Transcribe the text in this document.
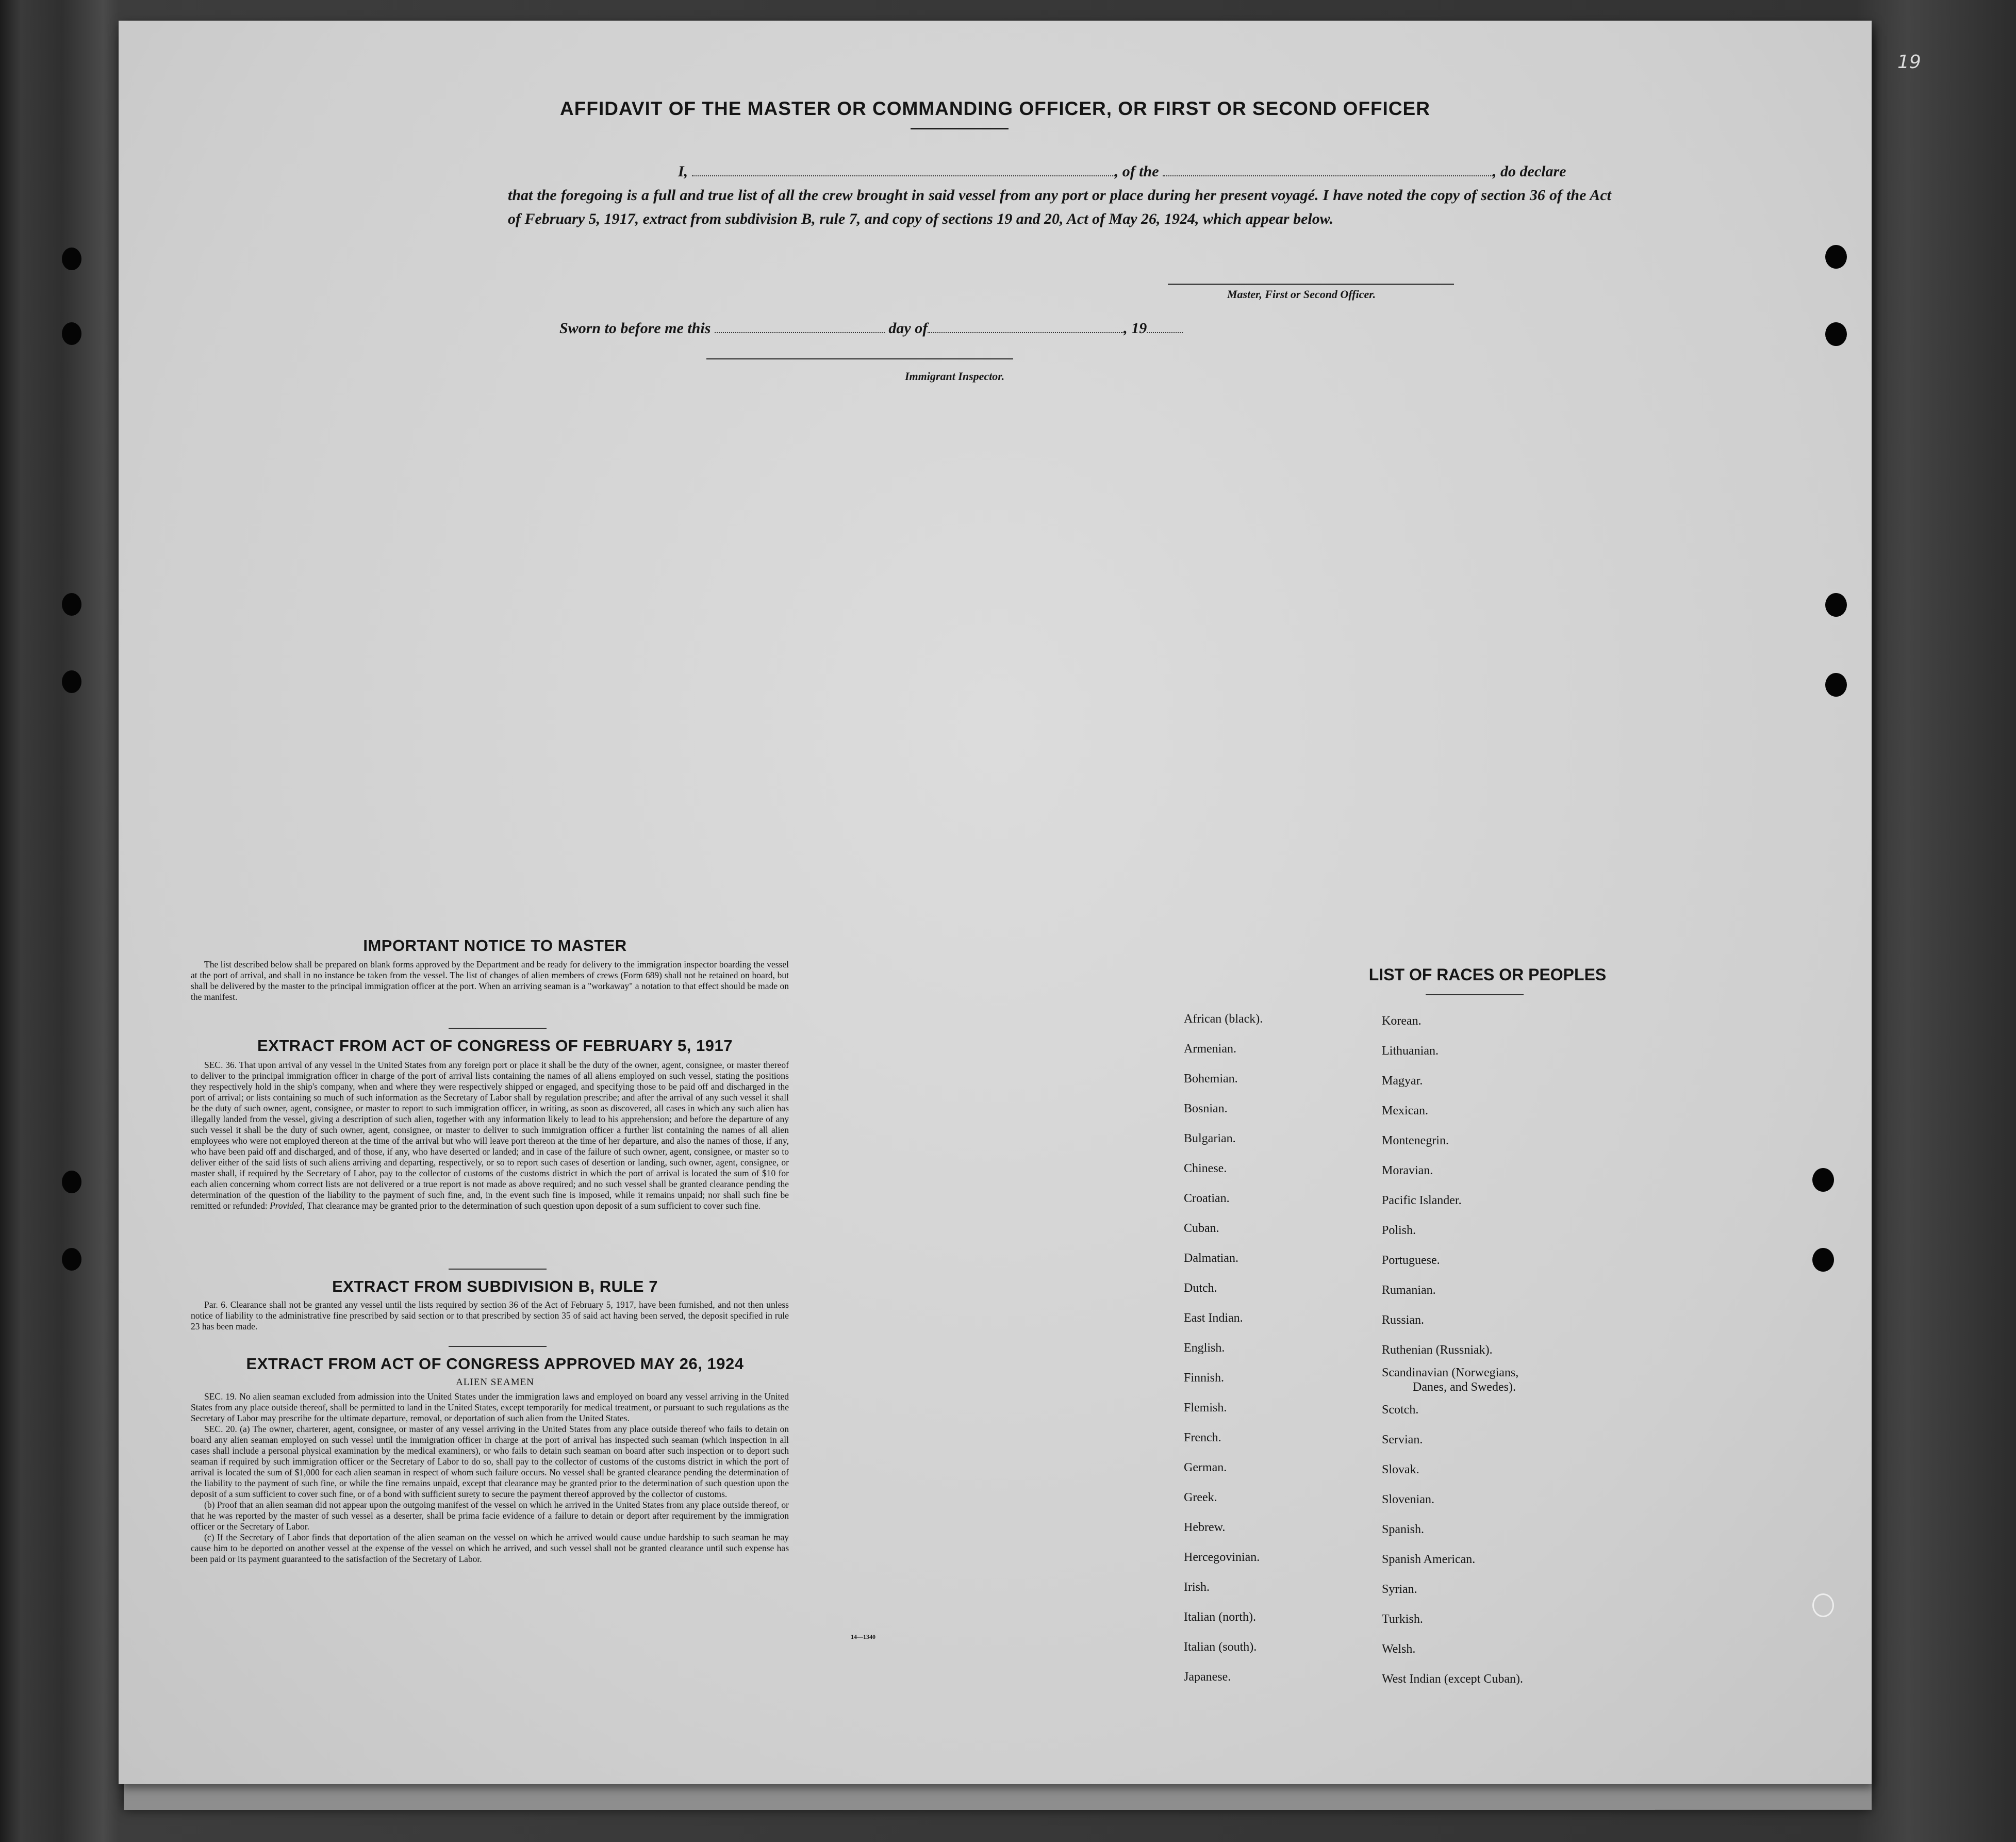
19
AFFIDAVIT OF THE MASTER OR COMMANDING OFFICER, OR FIRST OR SECOND OFFICER
I,	, of the	, do declare
that the foregoing is a full and true list of all the crew brought in said vessel from any port or place during her present voyagé. I have noted the copy of section 36 of the Act of February 5, 1917, extract from subdivision B, rule 7, and copy of sections 19 and 20, Act of May 26, 1924, which appear below.
Master, First or Second Officer.
Sworn to before me this	day of	, 19
Immigrant Inspector.
IMPORTANT NOTICE TO MASTER

The list described below shall be prepared on blank forms approved by the Department and be ready for delivery to the immigration inspector boarding the vessel at the port of arrival, and shall in no instance be taken from the vessel. The list of changes of alien members of crews (Form 689) shall not be retained on board, but shall be delivered by the master to the principal immigration officer at the port. When an arriving seaman is a "workaway" a notation to that effect should be made on the manifest.

EXTRACT FROM ACT OF CONGRESS OF FEBRUARY 5, 1917

SEC. 36. That upon arrival of any vessel in the United States from any foreign port or place it shall be the duty of the owner, agent, consignee, or master thereof to deliver to the principal immigration officer in charge of the port of arrival lists containing the names of all aliens employed on such vessel, stating the positions they respectively hold in the ship's company, when and where they were respectively shipped or engaged, and specifying those to be paid off and discharged in the port of arrival; or lists containing so much of such information as the Secretary of Labor shall by regulation prescribe; and after the arrival of any such vessel it shall be the duty of such owner, agent, consignee, or master to report to such immigration officer, in writing, as soon as discovered, all cases in which any such alien has illegally landed from the vessel, giving a description of such alien, together with any information likely to lead to his apprehension; and before the departure of any such vessel it shall be the duty of such owner, agent, consignee, or master to deliver to such immigration officer a further list containing the names of all alien employees who were not employed thereon at the time of the arrival but who will leave port thereon at the time of her departure, and also the names of those, if any, who have been paid off and discharged, and of those, if any, who have deserted or landed; and in case of the failure of such owner, agent, consignee, or master so to deliver either of the said lists of such aliens arriving and departing, respectively, or so to report such cases of desertion or landing, such owner, agent, consignee, or master shall, if required by the Secretary of Labor, pay to the collector of customs of the customs district in which the port of arrival is located the sum of $10 for each alien concerning whom correct lists are not delivered or a true report is not made as above required; and no such vessel shall be granted clearance pending the determination of the question of the liability to the payment of such fine, and, in the event such fine is imposed, while it remains unpaid; nor shall such fine be remitted or refunded: Provided, That clearance may be granted prior to the determination of such question upon deposit of a sum sufficient to cover such fine.

EXTRACT FROM SUBDIVISION B, RULE 7

Par. 6. Clearance shall not be granted any vessel until the lists required by section 36 of the Act of February 5, 1917, have been furnished, and not then unless notice of liability to the administrative fine prescribed by said section or to that prescribed by section 35 of said act having been served, the deposit specified in rule 23 has been made.

EXTRACT FROM ACT OF CONGRESS APPROVED MAY 26, 1924
ALIEN SEAMEN

SEC. 19. No alien seaman excluded from admission into the United States under the immigration laws and employed on board any vessel arriving in the United States from any place outside thereof, shall be permitted to land in the United States, except temporarily for medical treatment, or pursuant to such regulations as the Secretary of Labor may prescribe for the ultimate departure, removal, or deportation of such alien from the United States.

SEC. 20. (a) The owner, charterer, agent, consignee, or master of any vessel arriving in the United States from any place outside thereof who fails to detain on board any alien seaman employed on such vessel until the immigration officer in charge at the port of arrival has inspected such seaman (which inspection in all cases shall include a personal physical examination by the medical examiners), or who fails to detain such seaman on board after such inspection or to deport such seaman if required by such immigration officer or the Secretary of Labor to do so, shall pay to the collector of customs of the customs district in which the port of arrival is located the sum of $1,000 for each alien seaman in respect of whom such failure occurs. No vessel shall be granted clearance pending the determination of the liability to the payment of such fine, or while the fine remains unpaid, except that clearance may be granted prior to the determination of such question upon the deposit of a sum sufficient to cover such fine, or of a bond with sufficient surety to secure the payment thereof approved by the collector of customs.

(b) Proof that an alien seaman did not appear upon the outgoing manifest of the vessel on which he arrived in the United States from any place outside thereof, or that he was reported by the master of such vessel as a deserter, shall be prima facie evidence of a failure to detain or deport after requirement by the immigration officer or the Secretary of Labor.

(c) If the Secretary of Labor finds that deportation of the alien seaman on the vessel on which he arrived would cause undue hardship to such seaman he may cause him to be deported on another vessel at the expense of the vessel on which he arrived, and such vessel shall not be granted clearance until such expense has been paid or its payment guaranteed to the satisfaction of the Secretary of Labor.

14—1340
LIST OF RACES OR PEOPLES
African (black).
Armenian.
Bohemian.
Bosnian.
Bulgarian.
Chinese.
Croatian.
Cuban.
Dalmatian.
Dutch.
East Indian.
English.
Finnish.
Flemish.
French.
German.
Greek.
Hebrew.
Hercegovinian.
Irish.
Italian (north).
Italian (south).
Japanese.
Korean.
Lithuanian.
Magyar.
Mexican.
Montenegrin.
Moravian.
Pacific Islander.
Polish.
Portuguese.
Rumanian.
Russian.
Ruthenian (Russniak).
Scandinavian (Norwegians,
Danes, and Swedes).
Scotch.
Servian.
Slovak.
Slovenian.
Spanish.
Spanish American.
Syrian.
Turkish.
Welsh.
West Indian (except Cuban).
